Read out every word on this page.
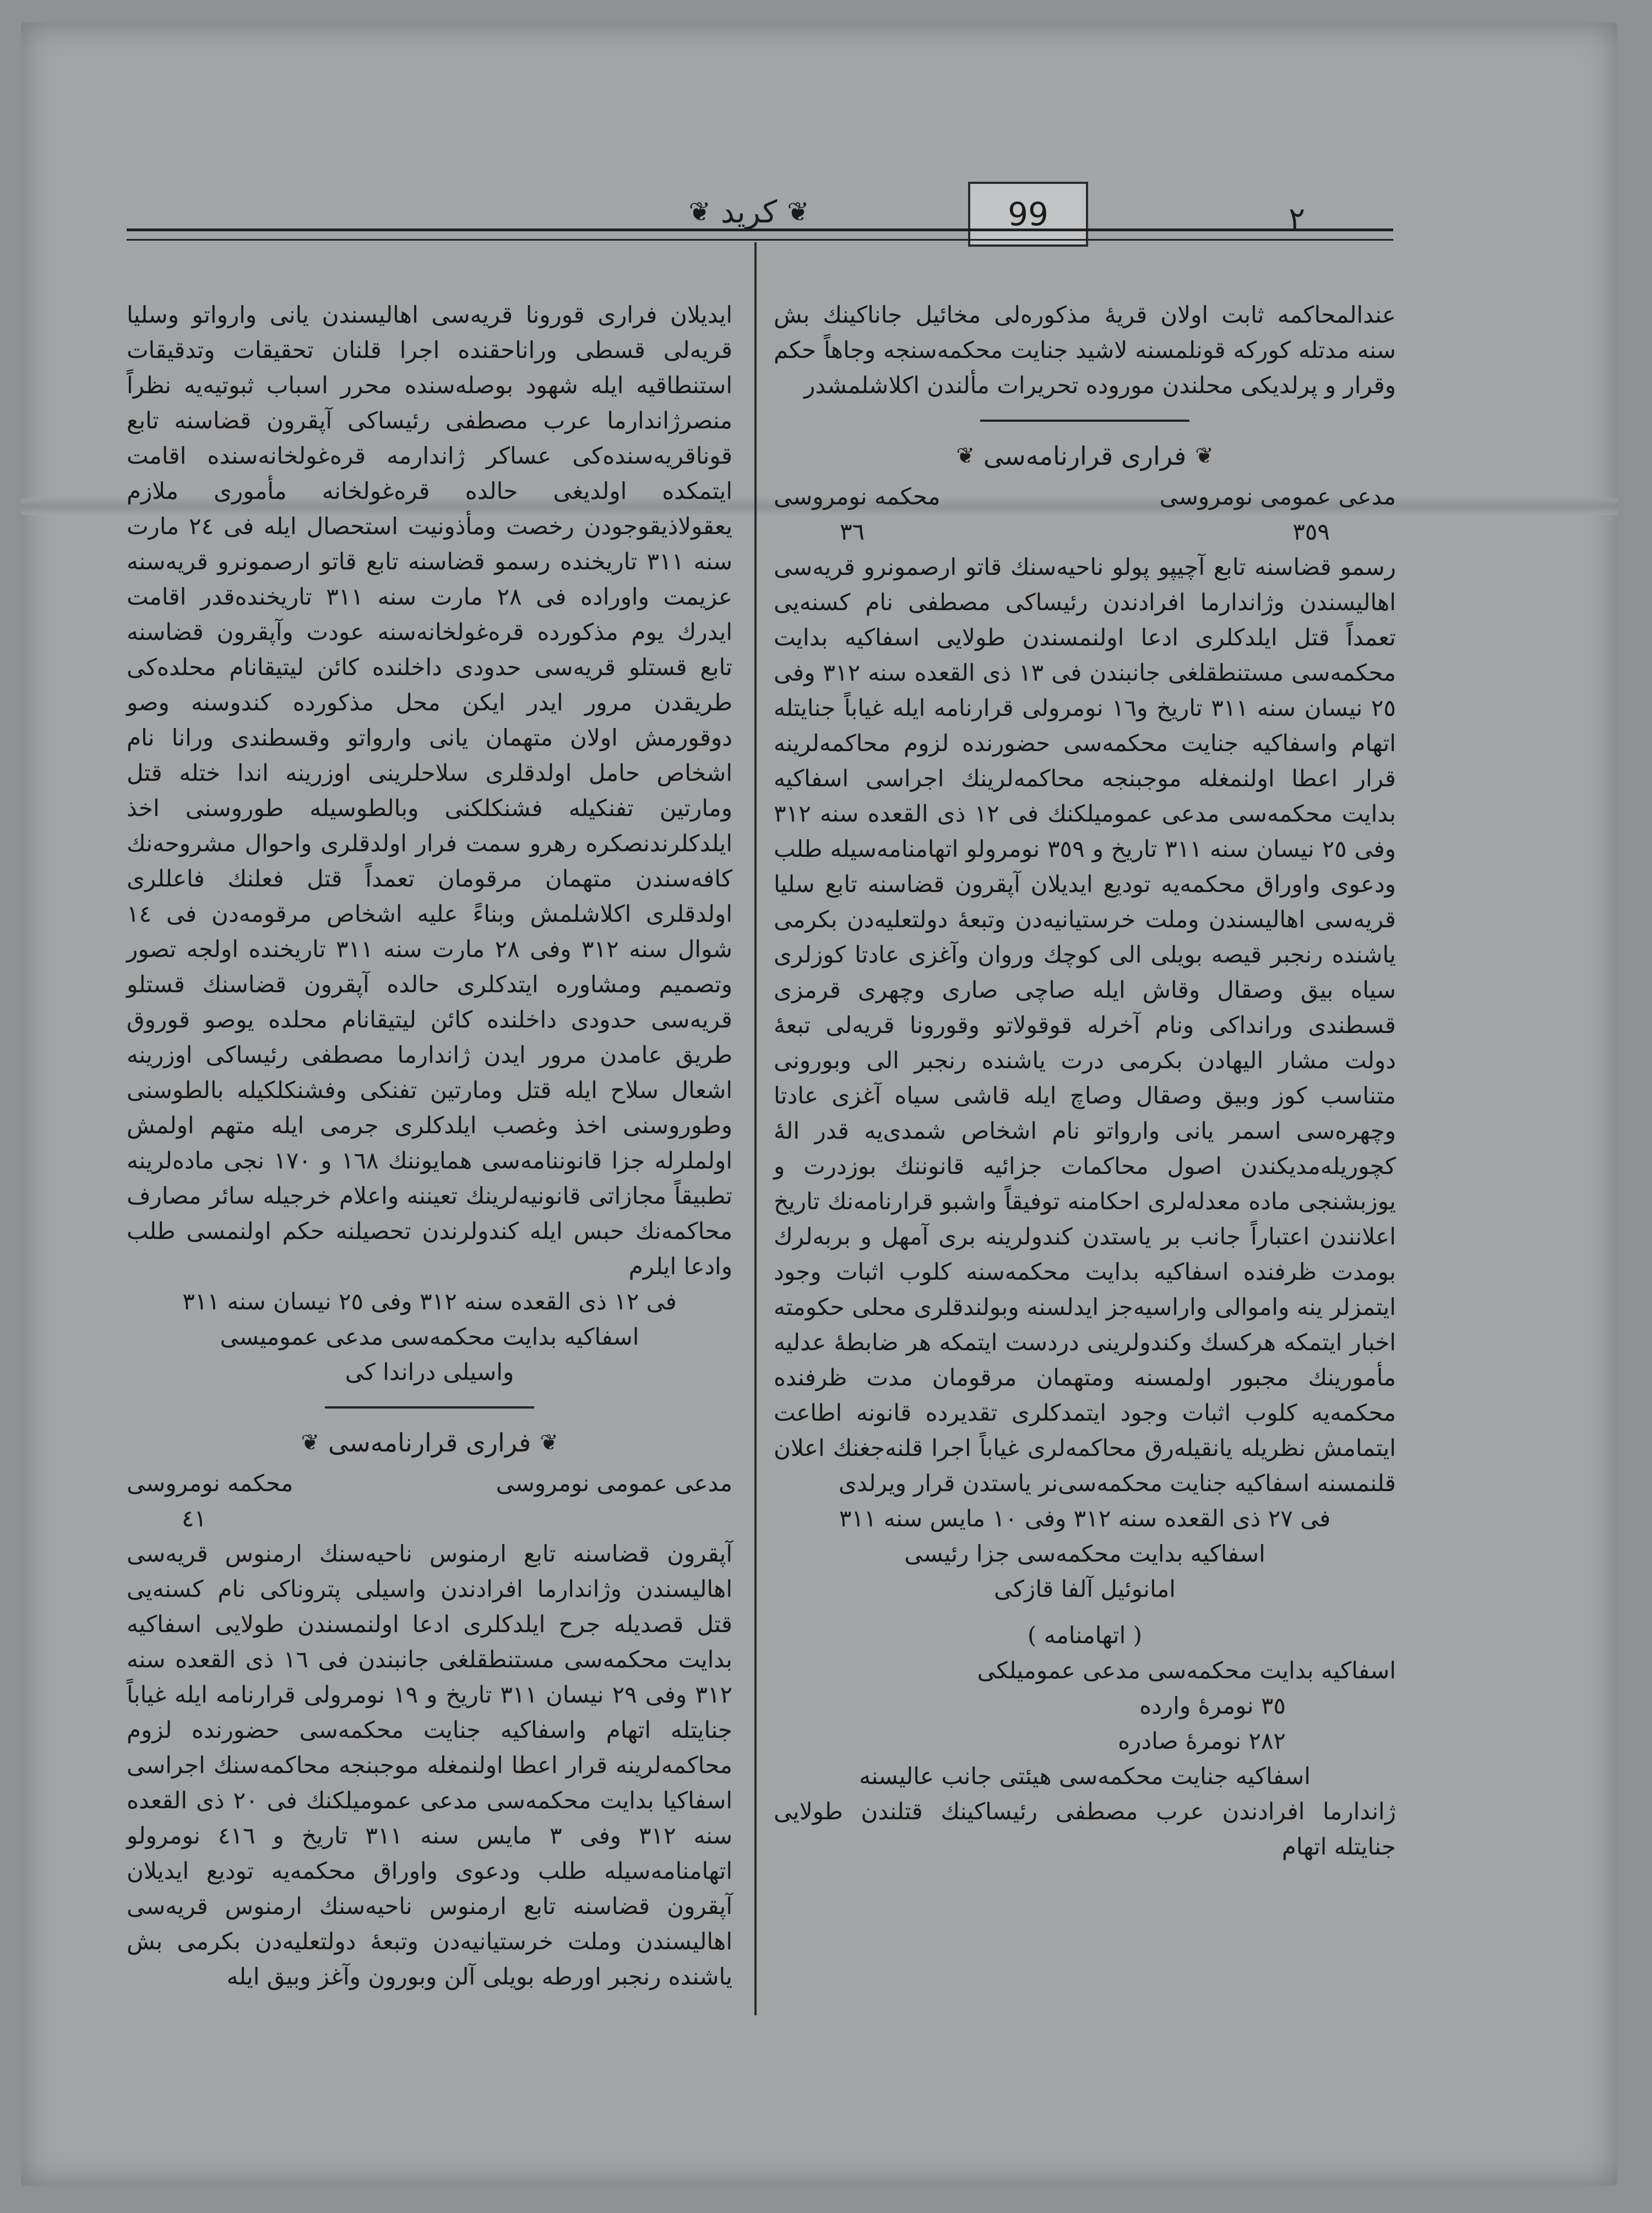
99
❦
كريد
❦	٢

عندالمحاكمه ثابت اولان قريهٔ مذكوره‌لى مخائيل جاناكينك بش سنه مدتله كوركه قونلمسنه لاشيد جنايت محكمه‌سنجه وجاهاً حكم وقرار و پرلديكى محلندن موروده تحريرات مألندن اكلاشلمشدر

❦
فرارى قرارنامه‌سى
❦
مدعى عمومى نومروسى
محكمه نومروسى
٣٥٩
٣٦

رسمو قضاسنه تابع آچيپو پولو ناحيه‌سنك قاتو ارصمونرو قريه‌سى اهاليسندن وژاندارما افرادندن رئيساكى مصطفى نام كسنه‌يى تعمداً قتل ايلدكلرى ادعا اولنمسندن طولايى اسفاكيه بدايت محكمه‌سى مستنطقلغى جانبندن فى ١٣ ذى القعده سنه ٣١٢ وفى ٢٥ نيسان سنه ٣١١ تاريخ و١٦ نومرولى قرارنامه ايله غياباً جنايتله اتهام واسفاكيه جنايت محكمه‌سى حضورنده لزوم محاكمه‌لرينه قرار اعطا اولنمغله موجبنجه محاكمه‌لرينك اجراسى اسفاكيه بدايت محكمه‌سى مدعى عموميلكنك فى ١٢ ذى القعده سنه ٣١٢ وفى ٢٥ نيسان سنه ٣١١ تاريخ و ٣٥٩ نومرولو اتهامنامه‌سيله طلب ودعوى واوراق محكمه‌يه تودیع ایدیلان آپقرون قضاسنه تابع سليا قريه‌سى اهاليسندن وملت خرستيانيه‌دن وتبعهٔ دولتعليه‌دن بكرمى ياشنده رنجبر قيصه بويلى الى كوچك وروان وآغزى عادتا كوزلرى سياه بيق وصقال وقاش ايله صاچى صارى وچهرى قرمزى قسطندى ورانداكى ونام آخرله قوقولاتو وقورونا قريه‌لى تبعهٔ دولت مشار اليهادن بكرمى درت ياشنده رنجبر الى وبورونى متناسب كوز وبيق وصقال وصاچ ايله قاشى سياه آغزى عادتا وچهره‌سى اسمر يانى وارواتو نام اشخاص شمدى‌يه قدر الهٔ كچوريله‌مديكندن اصول محاكمات جزائيه قانوننك بوزدرت و يوزبشنجى ماده معدله‌لرى احكامنه توفيقاً واشبو قرارنامه‌نك تاريخ اعلانندن اعتباراً جانب بر ياستدن كندولرينه برى آمهل و بربه‌لرك بومدت ظرفنده اسفاكيه بدايت محكمه‌سنه كلوب اثبات وجود ايتمزلر ينه واموالى واراسيه‌جز ايدلسنه وبولندقلرى محلى حكومته اخبار ايتمكه هركسك وكندولرينى دردست ايتمكه هر ضابطهٔ عدليه مأمورينك مجبور اولمسنه ومتهمان مرقومان مدت ظرفنده محكمه‌يه كلوب اثبات وجود ايتمدكلرى تقديرده قانونه اطاعت ايتمامش نظريله يانقيله‌رق محاكمه‌لرى غياباً اجرا قلنه‌جغنك اعلان قلنمسنه اسفاكيه جنايت محكمه‌سى‌نر ياستدن قرار ويرلدى

فى ٢٧ ذى القعده سنه ٣١٢ وفى ١٠ مايس سنه ٣١١

اسفاكيه بدايت محكمه‌سى جزا رئيسى

امانوئيل آلفا قازكى

( اتهامنامه )

اسفاكيه بدايت محكمه‌سى مدعى عموميلكى

٣٥ نومرهٔ وارده

٢٨٢ نومرهٔ صادره

اسفاكيه جنايت محكمه‌سى هيئتى جانب عاليسنه

ژاندارما افرادندن عرب مصطفى رئيساكينك قتلندن طولايى جنايتله اتهام

ايديلان فرارى قورونا قريه‌سى اهاليسندن يانى وارواتو وسليا قريه‌لى قسطى وراناحقنده اجرا قلنان تحقيقات وتدقيقات استنطاقيه ايله شهود بوصله‌سنده محرر اسباب ثبوتيه‌يه نظراً منصرژاندارما عرب مصطفى رئيساكى آپقرون قضاسنه تابع قوناقريه‌سنده‌كى عساكر ژاندارمه قره‌غولخانه‌سنده اقامت ايتمكده اولديغى حالده قره‌غولخانه مأمورى ملازم يعقولاذيقوجودن رخصت ومأذونيت استحصال ايله فى ٢٤ مارت سنه ٣١١ تاريخنده رسمو قضاسنه تابع قاتو ارصمونرو قريه‌سنه عزيمت واوراده فى ٢٨ مارت سنه ٣١١ تاريخنده‌قدر اقامت ايدرك يوم مذكورده قره‌غولخانه‌سنه عودت وآپقرون قضاسنه تابع قستلو قريه‌سى حدودى داخلنده كائن ليتيقانام محلده‌كى طريقدن مرور ايدر ايكن محل مذكورده كندوسنه وصو دوقورمش اولان متهمان يانى وارواتو وقسطندى ورانا نام اشخاص حامل اولدقلرى سلاحلرينى اوزرينه اندا ختله قتل ومارتين تفنكيله فشنكلكنى وبالطوسيله طوروسنى اخذ ايلدكلرندنصكره رهرو سمت فرار اولدقلرى واحوال مشروحه‌نك كافه‌سندن متهمان مرقومان تعمداً قتل فعلنك فاعللرى اولدقلرى اكلاشلمش وبناءً عليه اشخاص مرقومه‌دن فى ١٤ شوال سنه ٣١٢ وفى ٢٨ مارت سنه ٣١١ تاريخنده اولجه تصور وتصميم ومشاوره ايتدكلرى حالده آپقرون قضاسنك قستلو قريه‌سى حدودى داخلنده كائن ليتيقانام محلده يوصو قوروق طريق عامدن مرور ايدن ژاندارما مصطفى رئيساكى اوزرينه اشعال سلاح ايله قتل ومارتين تفنكى وفشنكلكيله بالطوسنى وطوروسنى اخذ وغصب ايلدكلرى جرمى ايله متهم اولمش اولملرله جزا قانوننامه‌سى همايوننك ١٦٨ و ١٧٠ نجى ماده‌لرينه تطبيقاً مجازاتى قانونيه‌لرينك تعيننه واعلام خرجيله سائر مصارف محاكمه‌نك حبس ايله كندولرندن تحصيلنه حكم اولنمسى طلب وادعا ايلرم

فى ١٢ ذى القعده سنه ٣١٢ وفى ٢٥ نيسان سنه ٣١١

اسفاكيه بدايت محكمه‌سى مدعى عموميسى

واسيلى دراندا كى

❦
فرارى قرارنامه‌سى
❦
مدعى عمومى نومروسى
محكمه نومروسى
٤١

آپقرون قضاسنه تابع ارمنوس ناحيه‌سنك ارمنوس قريه‌سى اهاليسندن وژاندارما افرادندن واسيلى پتروناكى نام كسنه‌يى قتل قصديله جرح ايلدكلرى ادعا اولنمسندن طولايى اسفاكيه بدايت محكمه‌سى مستنطقلغى جانبندن فى ١٦ ذى القعده سنه ٣١٢ وفى ٢٩ نيسان ٣١١ تاريخ و ١٩ نومرولى قرارنامه ايله غياباً جنايتله اتهام واسفاكيه جنايت محكمه‌سى حضورنده لزوم محاكمه‌لرينه قرار اعطا اولنمغله موجبنجه محاكمه‌سنك اجراسى اسفاكيا بدايت محكمه‌سى مدعى عموميلكنك فى ٢٠ ذى القعده سنه ٣١٢ وفى ٣ مايس سنه ٣١١ تاريخ و ٤١٦ نومرولو اتهامنامه‌سيله طلب ودعوى واوراق محكمه‌يه تودیع ایدیلان آپقرون قضاسنه تابع ارمنوس ناحيه‌سنك ارمنوس قريه‌سى اهاليسندن وملت خرستيانيه‌دن وتبعهٔ دولتعليه‌دن بكرمى بش ياشنده رنجبر اورطه بويلى آلن وبورون وآغز وبيق ايله
